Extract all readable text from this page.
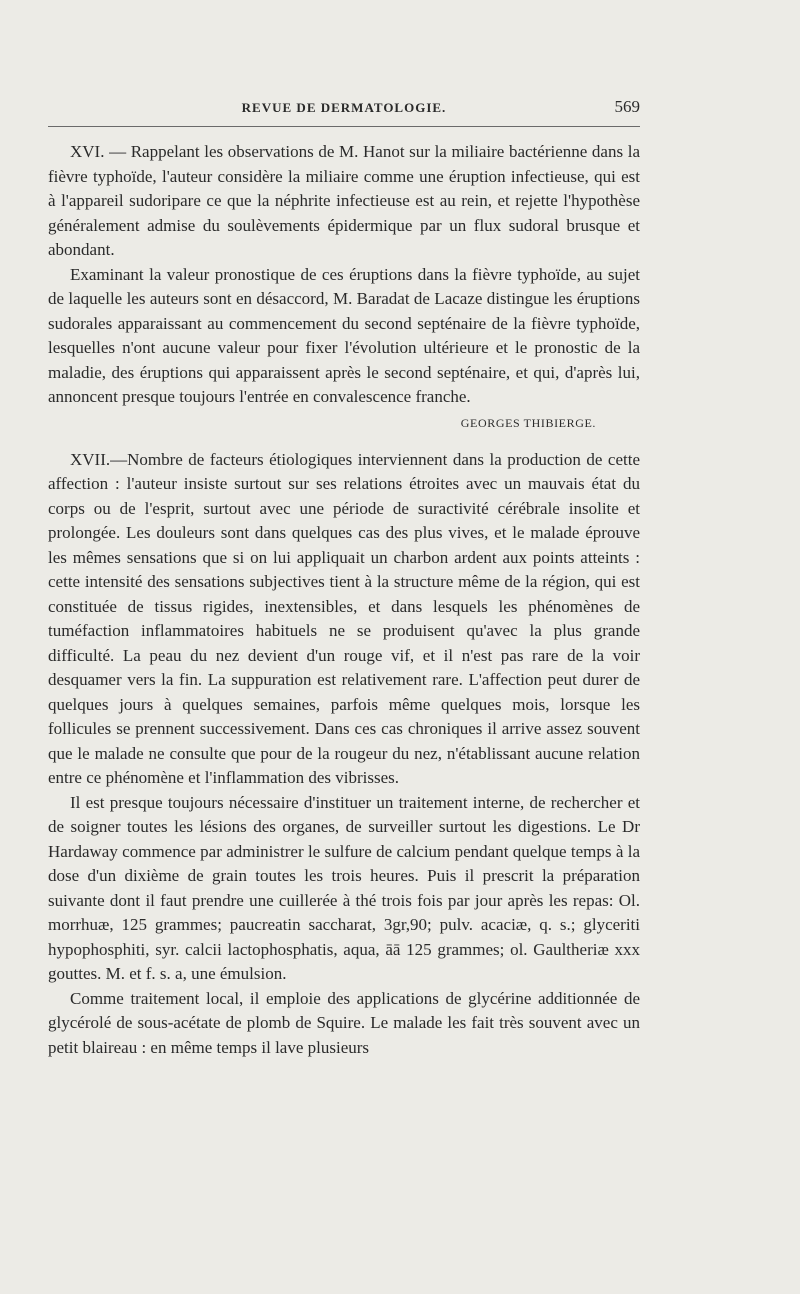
REVUE DE DERMATOLOGIE.	569

XVI. — Rappelant les observations de M. Hanot sur la miliaire bactérienne dans la fièvre typhoïde, l'auteur considère la miliaire comme une éruption infectieuse, qui est à l'appareil sudoripare ce que la néphrite infectieuse est au rein, et rejette l'hypothèse généralement admise du soulèvements épidermique par un flux sudoral brusque et abondant.

Examinant la valeur pronostique de ces éruptions dans la fièvre typhoïde, au sujet de laquelle les auteurs sont en désaccord, M. Baradat de Lacaze distingue les éruptions sudorales apparaissant au commencement du second septénaire de la fièvre typhoïde, lesquelles n'ont aucune valeur pour fixer l'évolution ultérieure et le pronostic de la maladie, des éruptions qui apparaissent après le second septénaire, et qui, d'après lui, annoncent presque toujours l'entrée en convalescence franche.

GEORGES THIBIERGE.

XVII.—Nombre de facteurs étiologiques interviennent dans la production de cette affection : l'auteur insiste surtout sur ses relations étroites avec un mauvais état du corps ou de l'esprit, surtout avec une période de suractivité cérébrale insolite et prolongée. Les douleurs sont dans quelques cas des plus vives, et le malade éprouve les mêmes sensations que si on lui appliquait un charbon ardent aux points atteints : cette intensité des sensations subjectives tient à la structure même de la région, qui est constituée de tissus rigides, inextensibles, et dans lesquels les phénomènes de tuméfaction inflammatoires habituels ne se produisent qu'avec la plus grande difficulté. La peau du nez devient d'un rouge vif, et il n'est pas rare de la voir desquamer vers la fin. La suppuration est relativement rare. L'affection peut durer de quelques jours à quelques semaines, parfois même quelques mois, lorsque les follicules se prennent successivement. Dans ces cas chroniques il arrive assez souvent que le malade ne consulte que pour de la rougeur du nez, n'établissant aucune relation entre ce phénomène et l'inflammation des vibrisses.

Il est presque toujours nécessaire d'instituer un traitement interne, de rechercher et de soigner toutes les lésions des organes, de surveiller surtout les digestions. Le Dr Hardaway commence par administrer le sulfure de calcium pendant quelque temps à la dose d'un dixième de grain toutes les trois heures. Puis il prescrit la préparation suivante dont il faut prendre une cuillerée à thé trois fois par jour après les repas: Ol. morrhuæ, 125 grammes; paucreatin saccharat, 3gr,90; pulv. acaciæ, q. s.; glyceriti hypophosphiti, syr. calcii lactophosphatis, aqua, āā 125 grammes; ol. Gaultheriæ xxx gouttes. M. et f. s. a, une émulsion.

Comme traitement local, il emploie des applications de glycérine additionnée de glycérolé de sous-acétate de plomb de Squire. Le malade les fait très souvent avec un petit blaireau : en même temps il lave plusieurs
